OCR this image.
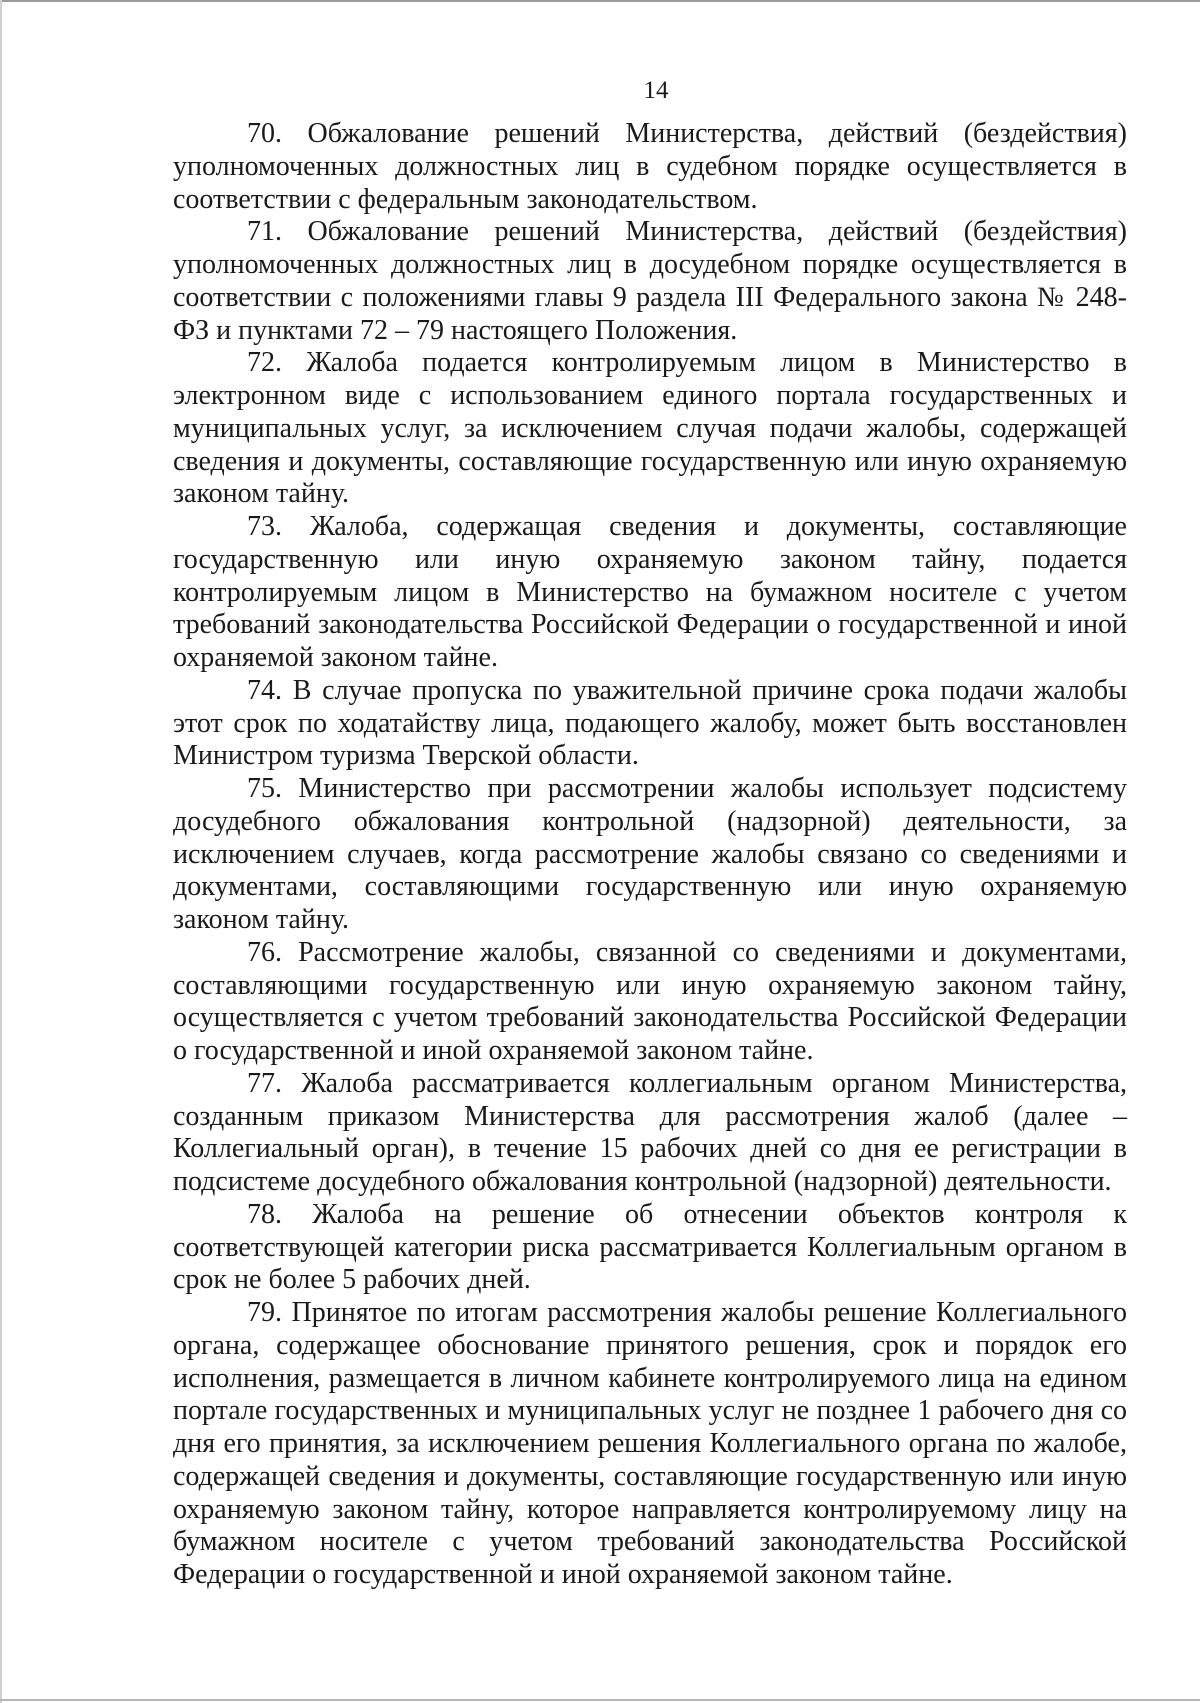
14

70. Обжалование решений Министерства, действий (бездействия) уполномоченных должностных лиц в судебном порядке осуществляется в соответствии с федеральным законодательством.

71. Обжалование решений Министерства, действий (бездействия) уполномоченных должностных лиц в досудебном порядке осуществляется в соответствии с положениями главы 9 раздела III Федерального закона № 248-ФЗ и пунктами 72 – 79 настоящего Положения.

72. Жалоба подается контролируемым лицом в Министерство в электронном виде с использованием единого портала государственных и муниципальных услуг, за исключением случая подачи жалобы, содержащей сведения и документы, составляющие государственную или иную охраняемую законом тайну.

73. Жалоба, содержащая сведения и документы, составляющие государственную или иную охраняемую законом тайну, подается контролируемым лицом в Министерство на бумажном носителе с учетом требований законодательства Российской Федерации о государственной и иной охраняемой законом тайне.

74. В случае пропуска по уважительной причине срока подачи жалобы этот срок по ходатайству лица, подающего жалобу, может быть восстановлен Министром туризма Тверской области.

75. Министерство при рассмотрении жалобы использует подсистему досудебного обжалования контрольной (надзорной) деятельности, за исключением случаев, когда рассмотрение жалобы связано со сведениями и документами, составляющими государственную или иную охраняемую законом тайну.

76. Рассмотрение жалобы, связанной со сведениями и документами, составляющими государственную или иную охраняемую законом тайну, осуществляется с учетом требований законодательства Российской Федерации о государственной и иной охраняемой законом тайне.

77. Жалоба рассматривается коллегиальным органом Министерства, созданным приказом Министерства для рассмотрения жалоб (далее – Коллегиальный орган), в течение 15 рабочих дней со дня ее регистрации в подсистеме досудебного обжалования контрольной (надзорной) деятельности.

78. Жалоба на решение об отнесении объектов контроля к соответствующей категории риска рассматривается Коллегиальным органом в срок не более 5 рабочих дней.

79. Принятое по итогам рассмотрения жалобы решение Коллегиального органа, содержащее обоснование принятого решения, срок и порядок его исполнения, размещается в личном кабинете контролируемого лица на едином портале государственных и муниципальных услуг не позднее 1 рабочего дня со дня его принятия, за исключением решения Коллегиального органа по жалобе, содержащей сведения и документы, составляющие государственную или иную охраняемую законом тайну, которое направляется контролируемому лицу на бумажном носителе с учетом требований законодательства Российской Федерации о государственной и иной охраняемой законом тайне.
